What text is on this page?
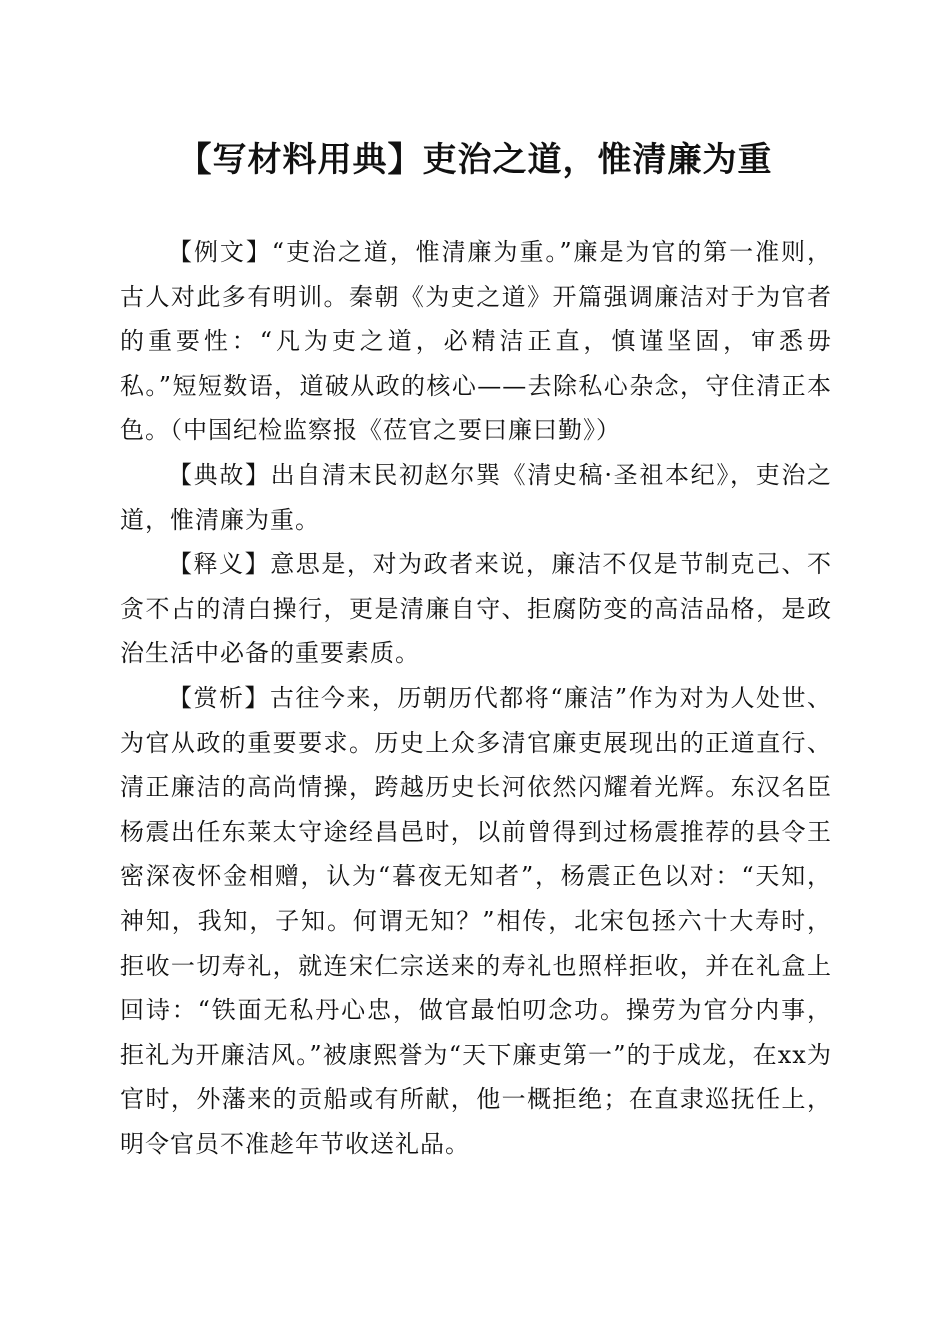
【写材料用典】吏治之道，惟清廉为重

【例文】“吏治之道，惟清廉为重。”廉是为官的第一准则，古人对此多有明训。秦朝《为吏之道》开篇强调廉洁对于为官者的重要性：“凡为吏之道，必精洁正直，慎谨坚固，审悉毋私。”短短数语，道破从政的核心——去除私心杂念，守住清正本色。（中国纪检监察报《莅官之要曰廉曰勤》）

【典故】出自清末民初赵尔巽《清史稿·圣祖本纪》，吏治之道，惟清廉为重。

【释义】意思是，对为政者来说，廉洁不仅是节制克己、不贪不占的清白操行，更是清廉自守、拒腐防变的高洁品格，是政治生活中必备的重要素质。

【赏析】古往今来，历朝历代都将“廉洁”作为对为人处世、为官从政的重要要求。历史上众多清官廉吏展现出的正道直行、清正廉洁的高尚情操，跨越历史长河依然闪耀着光辉。东汉名臣杨震出任东莱太守途经昌邑时，以前曾得到过杨震推荐的县令王密深夜怀金相赠，认为“暮夜无知者”，杨震正色以对：“天知，神知，我知，子知。何谓无知？”相传，北宋包拯六十大寿时，拒收一切寿礼，就连宋仁宗送来的寿礼也照样拒收，并在礼盒上回诗：“铁面无私丹心忠，做官最怕叨念功。操劳为官分内事，拒礼为开廉洁风。”被康熙誉为“天下廉吏第一”的于成龙，在xx为官时，外藩来的贡船或有所献，他一概拒绝；在直隶巡抚任上，明令官员不准趁年节收送礼品。
